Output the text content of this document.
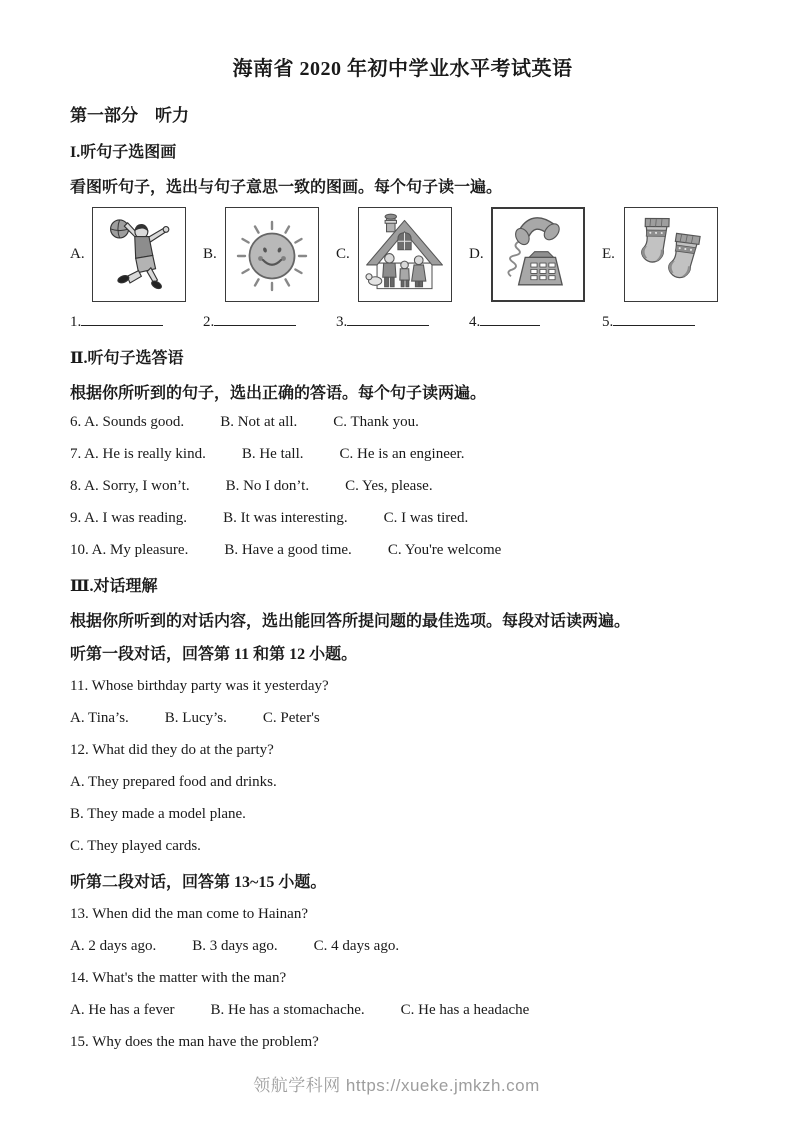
海南省 2020 年初中学业水平考试英语
第一部分　听力
I.听句子选图画
看图听句子，选出与句子意思一致的图画。每个句子读一遍。
A.	B.	C.	D.	E.
1.	2.	3.	4.	5.
Ⅱ.听句子选答语
根据你所听到的句子，选出正确的答语。每个句子读两遍。
6. A. Sounds good. B. Not at all. C. Thank you.
7. A. He is really kind. B. He tall. C. He is an engineer.
8. A. Sorry, I won’t. B. No I don’t. C. Yes, please.
9. A. I was reading. B. It was interesting. C. I was tired.
10. A. My pleasure. B. Have a good time. C. You're welcome
Ⅲ.对话理解
根据你所听到的对话内容，选出能回答所提问题的最佳选项。每段对话读两遍。
听第一段对话，回答第 11 和第 12 小题。
11. Whose birthday party was it yesterday?
A. Tina’s. B. Lucy’s. C. Peter's
12. What did they do at the party?
A. They prepared food and drinks.
B. They made a model plane.
C. They played cards.
听第二段对话，回答第 13~15 小题。
13. When did the man come to Hainan?
A. 2 days ago. B. 3 days ago. C. 4 days ago.
14. What's the matter with the man?
A. He has a fever B. He has a stomachache. C. He has a headache
15. Why does the man have the problem?
领航学科网 https://xueke.jmkzh.com
